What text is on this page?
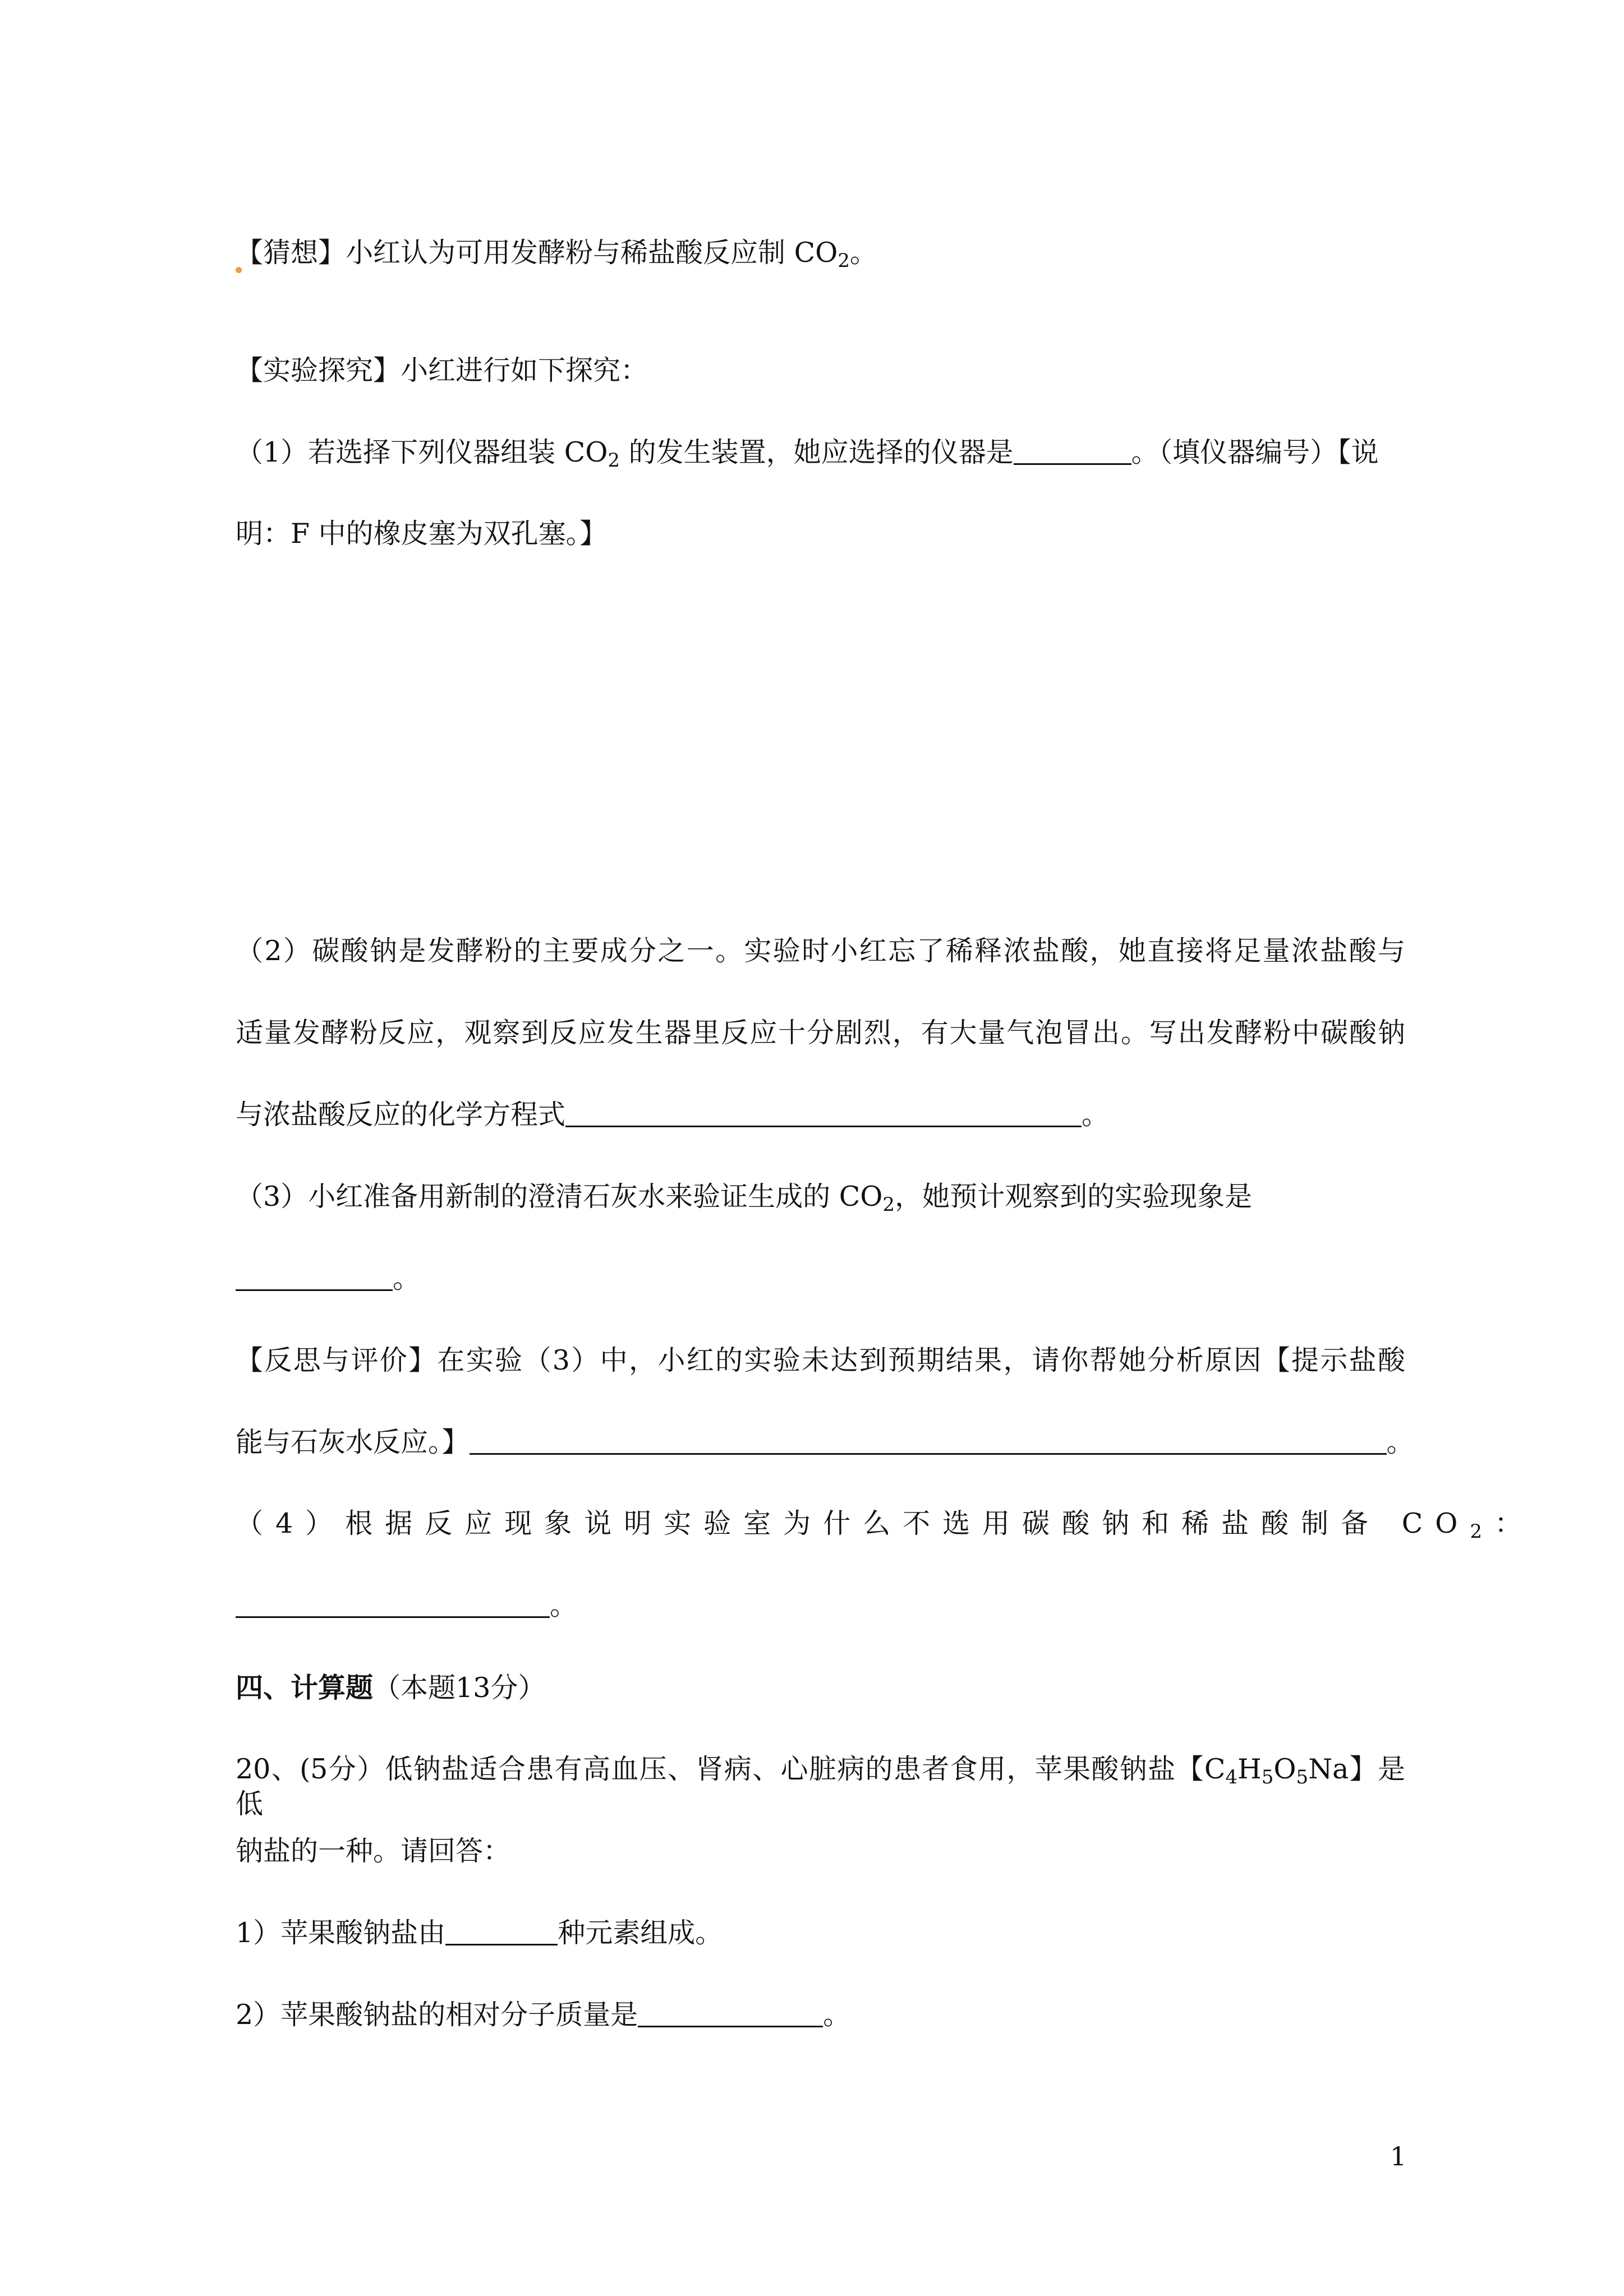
【猜想】小红认为可用发酵粉与稀盐酸反应制 $CO_2$。
【实验探究】小红进行如下探究：
（1）若选择下列仪器组装 $CO_2$ 的发生装置，她应选择的仪器是	。（填仪器编号）【说
明：F 中的橡皮塞为双孔塞。】
（2）碳酸钠是发酵粉的主要成分之一。实验时小红忘了稀释浓盐酸，她直接将足量浓盐酸与
适量发酵粉反应，观察到反应发生器里反应十分剧烈，有大量气泡冒出。写出发酵粉中碳酸钠
与浓盐酸反应的化学方程式	。
（3）小红准备用新制的澄清石灰水来验证生成的 $CO_2$，她预计观察到的实验现象是
。
【反思与评价】在实验（3）中，小红的实验未达到预期结果，请你帮她分析原因【提示盐酸
能与石灰水反应。】	。
（4）根据反应现象说明实验室为什么不选用碳酸钠和稀盐酸制备 $CO_2$：
。
四、计算题（本题13分）
20、(5分）低钠盐适合患有高血压、肾病、心脏病的患者食用，苹果酸钠盐【$C_4H_5O_5Na$】是低
钠盐的一种。请回答：
1）苹果酸钠盐由	种元素组成。
2）苹果酸钠盐的相对分子质量是	。
1
